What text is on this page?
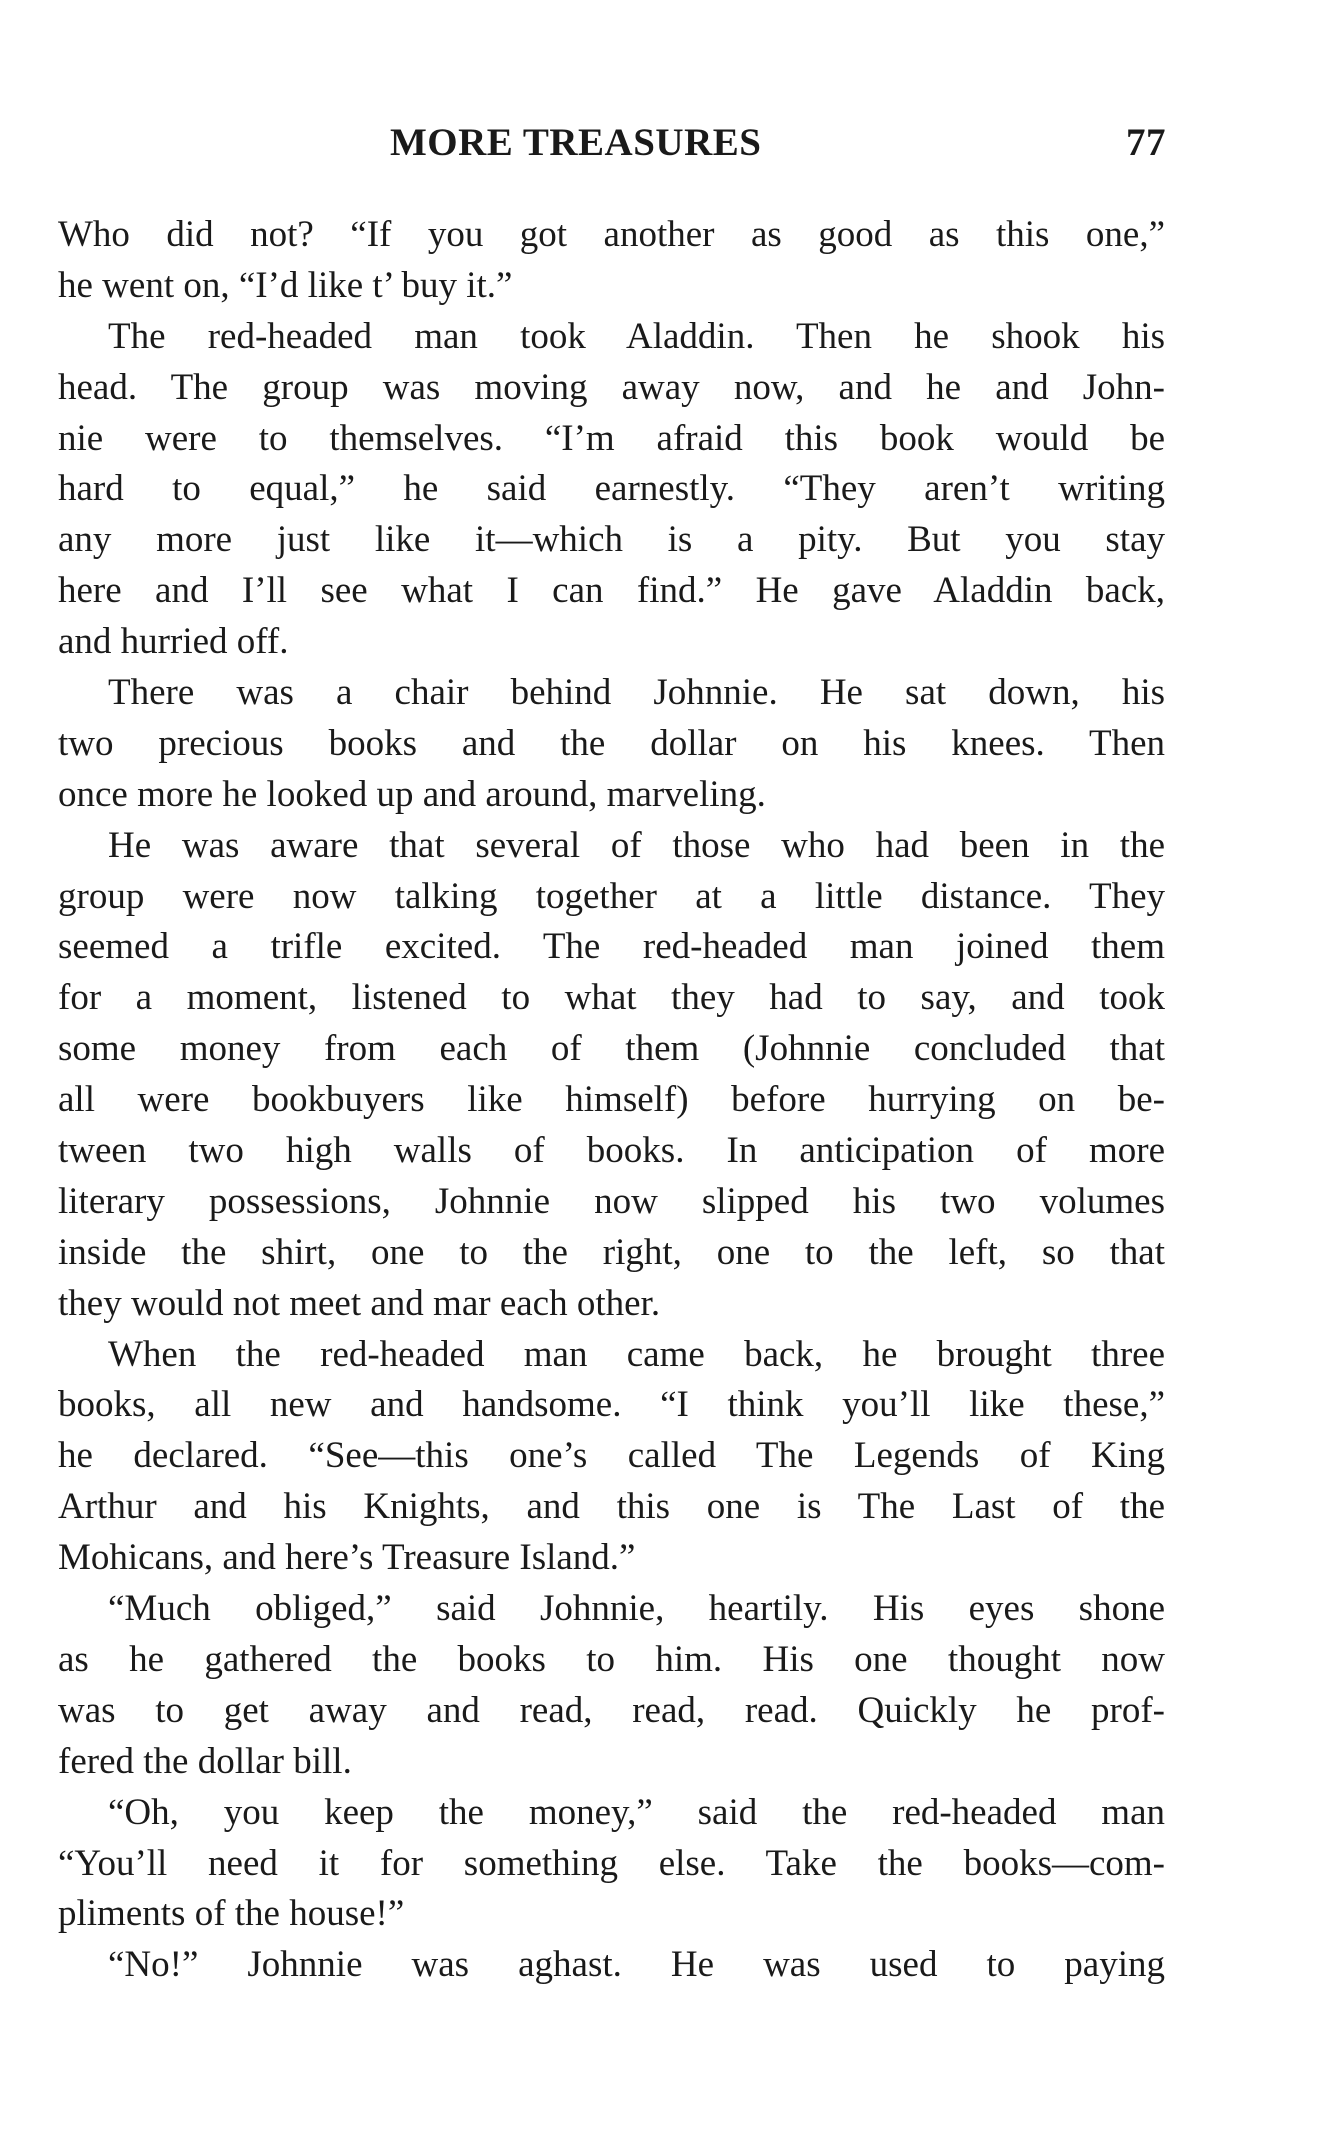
MORE TREASURES	77
Who did not? “If you got another as good as this one,”
he went on, “I’d like t’ buy it.”
The red-headed man took Aladdin. Then he shook his
head. The group was moving away now, and he and John-
nie were to themselves. “I’m afraid this book would be
hard to equal,” he said earnestly. “They aren’t writing
any more just like it—which is a pity. But you stay
here and I’ll see what I can find.” He gave Aladdin back,
and hurried off.
There was a chair behind Johnnie. He sat down, his
two precious books and the dollar on his knees. Then
once more he looked up and around, marveling.
He was aware that several of those who had been in the
group were now talking together at a little distance. They
seemed a trifle excited. The red-headed man joined them
for a moment, listened to what they had to say, and took
some money from each of them (Johnnie concluded that
all were bookbuyers like himself) before hurrying on be-
tween two high walls of books. In anticipation of more
literary possessions, Johnnie now slipped his two volumes
inside the shirt, one to the right, one to the left, so that
they would not meet and mar each other.
When the red-headed man came back, he brought three
books, all new and handsome. “I think you’ll like these,”
he declared. “See—this one’s called The Legends of King
Arthur and his Knights, and this one is The Last of the
Mohicans, and here’s Treasure Island.”
“Much obliged,” said Johnnie, heartily. His eyes shone
as he gathered the books to him. His one thought now
was to get away and read, read, read. Quickly he prof-
fered the dollar bill.
“Oh, you keep the money,” said the red-headed man
“You’ll need it for something else. Take the books—com-
pliments of the house!”
“No!” Johnnie was aghast. He was used to paying
